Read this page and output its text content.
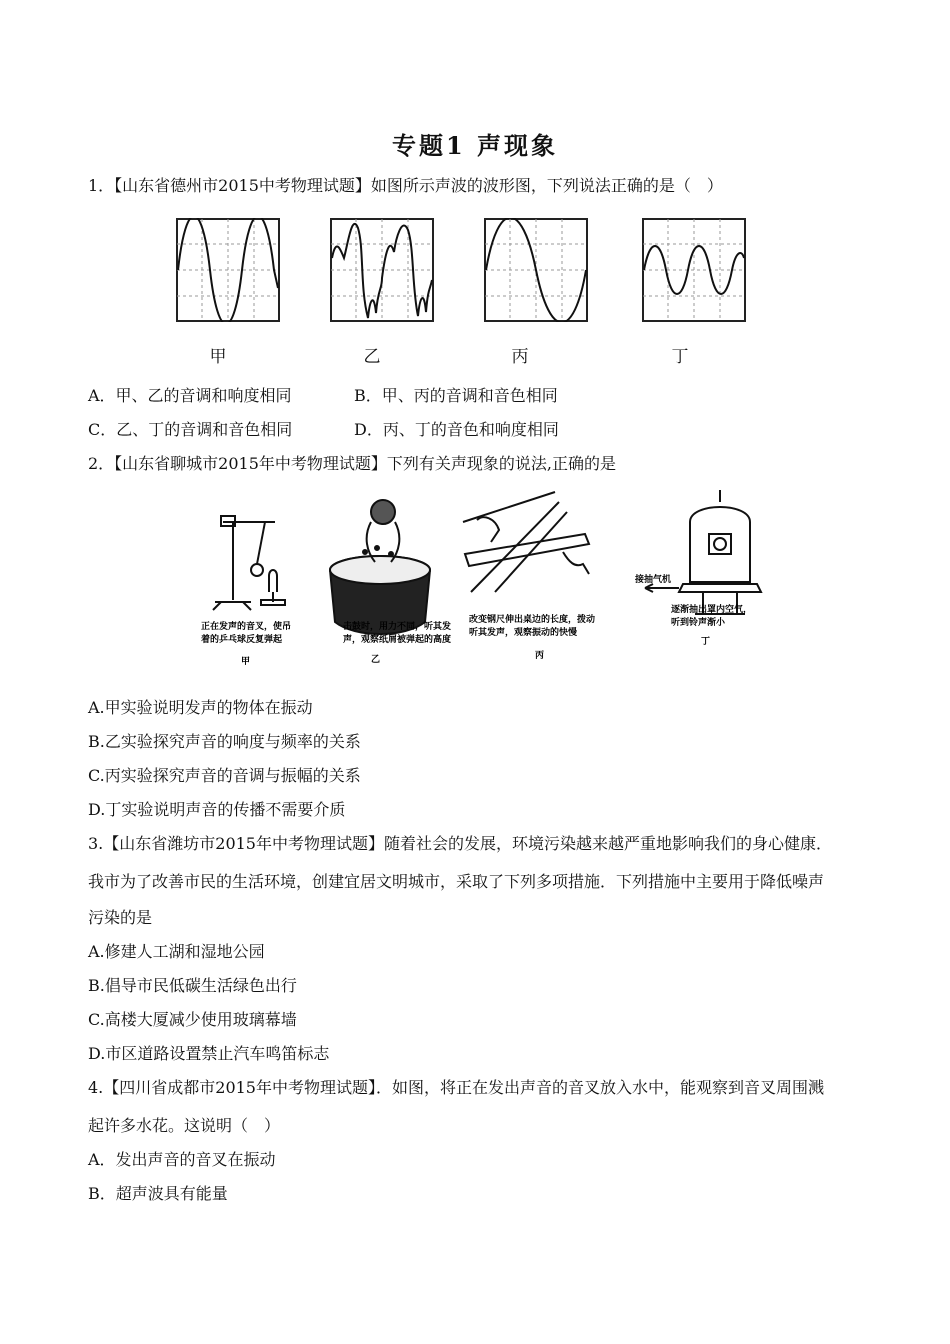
专题1 声现象
1．【山东省德州市2015中考物理试题】如图所示声波的波形图，下列说法正确的是（　）
甲	乙	丙	丁
A．甲、乙的音调和响度相同	B．甲、丙的音调和音色相同
C．乙、丁的音调和音色相同	D．丙、丁的音色和响度相同
2．【山东省聊城市2015年中考物理试题】下列有关声现象的说法,正确的是
正在发声的音叉，使吊
着的乒乓球反复弹起
击鼓时，用力不同，听其发
声，观察纸屑被弹起的高度
改变钢尺伸出桌边的长度，拨动
听其发声，观察振动的快慢
接抽气机
逐渐抽出罩内空气，
听到铃声渐小
甲	乙	丙
丁
A.甲实验说明发声的物体在振动
B.乙实验探究声音的响度与频率的关系
C.丙实验探究声音的音调与振幅的关系
D.丁实验说明声音的传播不需要介质
3.【山东省潍坊市2015年中考物理试题】随着社会的发展，环境污染越来越严重地影响我们的身心健康．
我市为了改善市民的生活环境，创建宜居文明城市，采取了下列多项措施．下列措施中主要用于降低噪声
污染的是
A.修建人工湖和湿地公园
B.倡导市民低碳生活绿色出行
C.高楼大厦减少使用玻璃幕墙
D.市区道路设置禁止汽车鸣笛标志
4.【四川省成都市2015年中考物理试题】．如图，将正在发出声音的音叉放入水中，能观察到音叉周围溅
起许多水花。这说明（　）
A．发出声音的音叉在振动
B．超声波具有能量
